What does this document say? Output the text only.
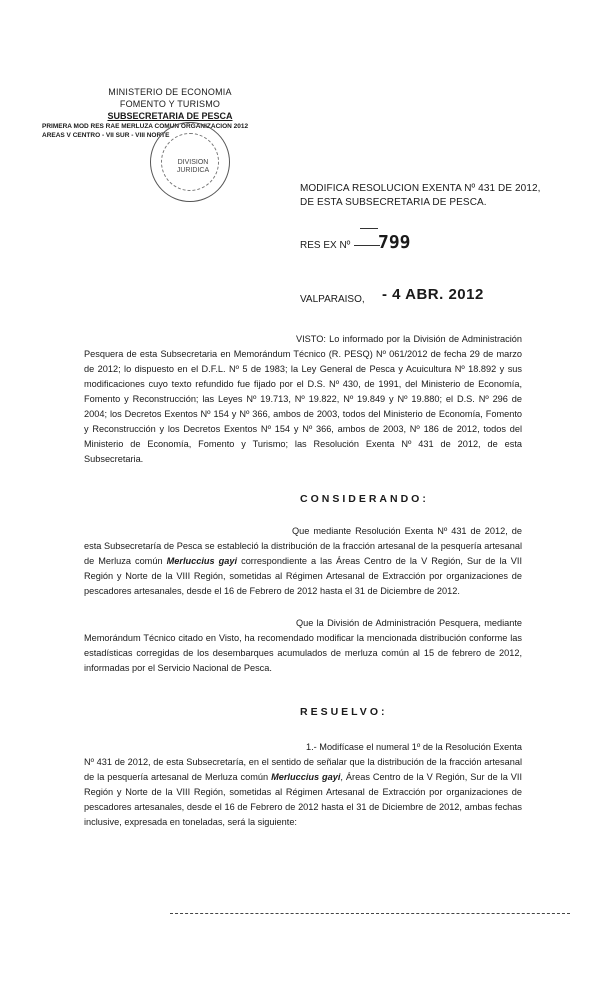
MINISTERIO DE ECONOMIA
FOMENTO Y TURISMO
SUBSECRETARIA DE PESCA
PRIMERA MOD RES RAE MERLUZA COMUN ORGANIZACION 2012
AREAS V CENTRO - VII SUR - VIII NORTE
DIVISION
JURIDICA
MODIFICA RESOLUCION EXENTA Nº 431 DE 2012,
DE ESTA SUBSECRETARIA DE PESCA.
RES EX Nº	799
VALPARAISO, - 4 ABR. 2012
VISTO: Lo informado por la División de Administración Pesquera de esta Subsecretaria en Memorándum Técnico (R. PESQ) Nº 061/2012 de fecha 29 de marzo de 2012; lo dispuesto en el D.F.L. Nº 5 de 1983; la Ley General de Pesca y Acuicultura Nº 18.892 y sus modificaciones cuyo texto refundido fue fijado por el D.S. Nº 430, de 1991, del Ministerio de Economía, Fomento y Reconstrucción; las Leyes Nº 19.713, Nº 19.822, Nº 19.849 y Nº 19.880; el D.S. Nº 296 de 2004; los Decretos Exentos Nº 154 y Nº 366, ambos de 2003, todos del Ministerio de Economía, Fomento y Reconstrucción y los Decretos Exentos Nº 154 y Nº 366, ambos de 2003, Nº 186 de 2012, todos del Ministerio de Economía, Fomento y Turismo; las Resolución Exenta Nº 431 de 2012, de esta Subsecretaria.
CONSIDERANDO:
Que mediante Resolución Exenta Nº 431 de 2012, de esta Subsecretaría de Pesca se estableció la distribución de la fracción artesanal de la pesquería artesanal de Merluza común Merluccius gayi correspondiente a las Áreas Centro de la V Región, Sur de la VII Región y Norte de la VIII Región, sometidas al Régimen Artesanal de Extracción por organizaciones de pescadores artesanales, desde el 16 de Febrero de 2012 hasta el 31 de Diciembre de 2012.
Que la División de Administración Pesquera, mediante Memorándum Técnico citado en Visto, ha recomendado modificar la mencionada distribución conforme las estadísticas corregidas de los desembarques acumulados de merluza común al 15 de febrero de 2012, informadas por el Servicio Nacional de Pesca.
RESUELVO:
1.- Modifícase el numeral 1º de la Resolución Exenta Nº 431 de 2012, de esta Subsecretaría, en el sentido de señalar que la distribución de la fracción artesanal de la pesquería artesanal de Merluza común Merluccius gayi, Áreas Centro de la V Región, Sur de la VII Región y Norte de la VIII Región, sometidas al Régimen Artesanal de Extracción por organizaciones de pescadores artesanales, desde el 16 de Febrero de 2012 hasta el 31 de Diciembre de 2012, ambas fechas inclusive, expresada en toneladas, será la siguiente:
